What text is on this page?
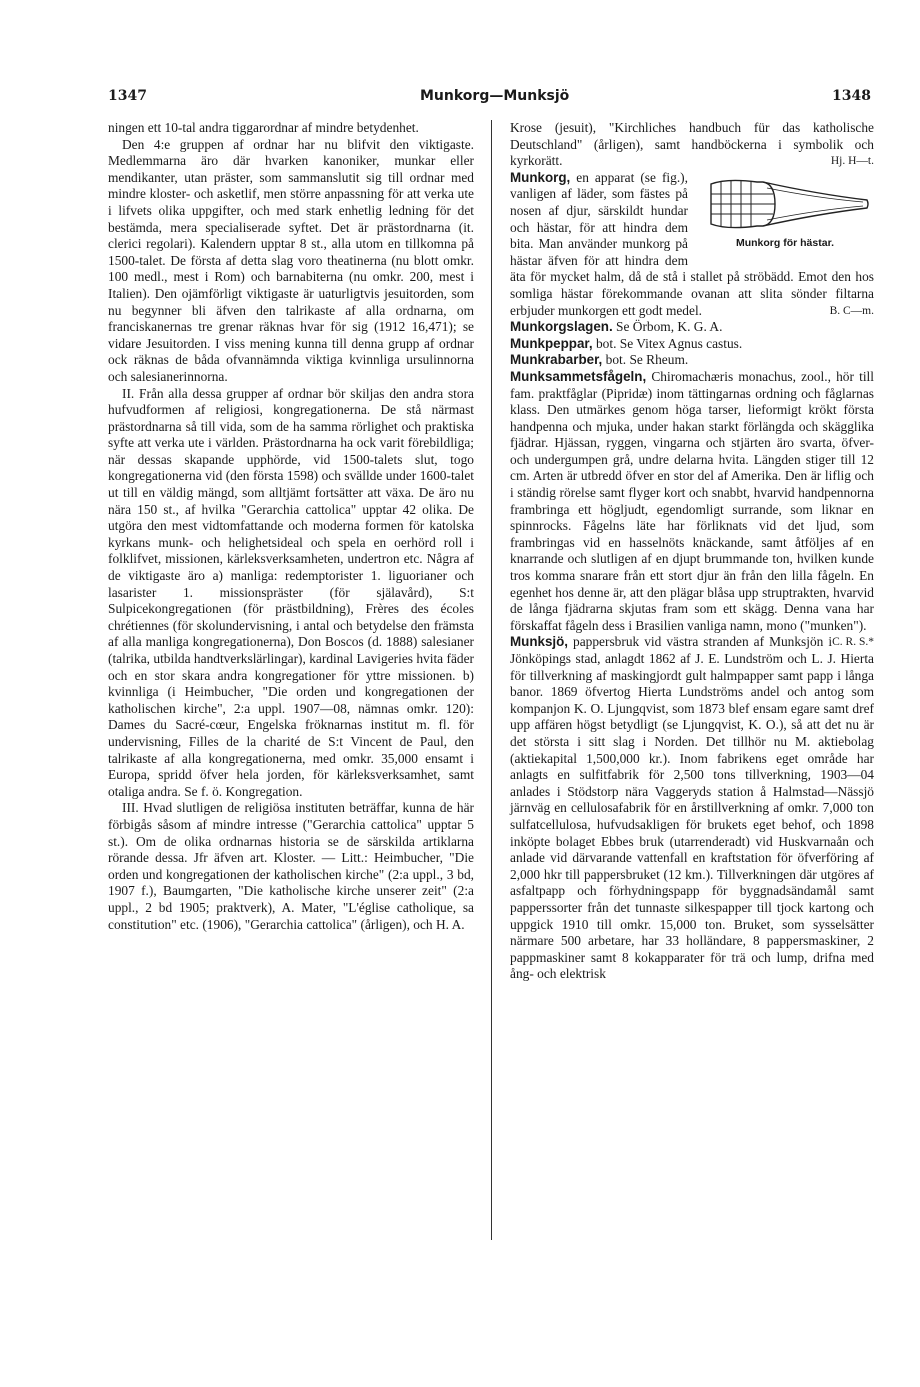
1347	Munkorg—Munksjö	1348

ningen ett 10-tal andra tiggarordnar af mindre betydenhet.

Den 4:e gruppen af ordnar har nu blifvit den viktigaste. Medlemmarna äro där hvarken kanoniker, munkar eller mendikanter, utan präster, som sammanslutit sig till ordnar med mindre kloster- och asketlif, men större anpassning för att verka ute i lifvets olika uppgifter, och med stark enhetlig ledning för det bestämda, mera specialiserade syftet. Det är prästordnarna (it. clerici regolari). Kalendern upptar 8 st., alla utom en tillkomna på 1500-talet. De första af detta slag voro theatinerna (nu blott omkr. 100 medl., mest i Rom) och barnabiterna (nu omkr. 200, mest i Italien). Den ojämförligt viktigaste är uaturligtvis jesuitorden, som nu begynner bli äfven den talrikaste af alla ordnarna, om franciskanernas tre grenar räknas hvar för sig (1912 16,471); se vidare Jesuitorden. I viss mening kunna till denna grupp af ordnar ock räknas de båda ofvannämnda viktiga kvinnliga ursulinnorna och salesianerinnorna.

II. Från alla dessa grupper af ordnar bör skiljas den andra stora hufvudformen af religiosi, kongregationerna. De stå närmast prästordnarna så till vida, som de ha samma rörlighet och praktiska syfte att verka ute i världen. Prästordnarna ha ock varit förebildliga; när dessas skapande upphörde, vid 1500-talets slut, togo kongregationerna vid (den första 1598) och svällde under 1600-talet ut till en väldig mängd, som alltjämt fortsätter att växa. De äro nu nära 150 st., af hvilka "Gerarchia cattolica" upptar 42 olika. De utgöra den mest vidtomfattande och moderna formen för katolska kyrkans munk- och helighetsideal och spela en oerhörd roll i folklifvet, missionen, kärleksverksamheten, undertron etc. Några af de viktigaste äro a) manliga: redemptorister 1. liguorianer och lasarister 1. missionspräster (för själavård), S:t Sulpicekongregationen (för prästbildning), Frères des écoles chrétiennes (för skolundervisning, i antal och betydelse den främsta af alla manliga kongregationerna), Don Boscos (d. 1888) salesianer (talrika, utbilda handtverkslärlingar), kardinal Lavigeries hvita fäder och en stor skara andra kongregationer för yttre missionen. b) kvinnliga (i Heimbucher, "Die orden und kongregationen der katholischen kirche", 2:a uppl. 1907—08, nämnas omkr. 120): Dames du Sacré-cœur, Engelska fröknarnas institut m. fl. för undervisning, Filles de la charité de S:t Vincent de Paul, den talrikaste af alla kongregationerna, med omkr. 35,000 ensamt i Europa, spridd öfver hela jorden, för kärleksverksamhet, samt otaliga andra. Se f. ö. Kongregation.

III. Hvad slutligen de religiösa instituten beträffar, kunna de här förbigås såsom af mindre intresse ("Gerarchia cattolica" upptar 5 st.). Om de olika ordnarnas historia se de särskilda artiklarna rörande dessa. Jfr äfven art. Kloster. — Litt.: Heimbucher, "Die orden und kongregationen der katholischen kirche" (2:a uppl., 3 bd, 1907 f.), Baumgarten, "Die katholische kirche unserer zeit" (2:a uppl., 2 bd 1905; praktverk), A. Mater, "L'église catholique, sa constitution" etc. (1906), "Gerarchia cattolica" (årligen), och H. A.

Krose (jesuit), "Kirchliches handbuch für das katholische Deutschland" (årligen), samt handböckerna i symbolik och kyrkorätt.	Hj. H—t.

Munkorg för hästar.
Munkorg, en apparat (se fig.), vanligen af läder, som fästes på nosen af djur, särskildt hundar och hästar, för att hindra dem bita. Man använder munkorg på hästar äfven för att hindra dem äta för mycket halm, då de stå i stallet på ströbädd. Emot den hos somliga hästar förekommande ovanan att slita sönder filtarna erbjuder munkorgen ett godt medel.	B. C—m.

Munkorgslagen. Se Örbom, K. G. A.

Munkpeppar, bot. Se Vitex Agnus castus.

Munkrabarber, bot. Se Rheum.

Munksammetsfågeln, Chiromachæris monachus, zool., hör till fam. praktfåglar (Pipridæ) inom tättingarnas ordning och fåglarnas klass. Den utmärkes genom höga tarser, lieformigt krökt första handpenna och mjuka, under hakan starkt förlängda och skägglika fjädrar. Hjässan, ryggen, vingarna och stjärten äro svarta, öfver- och undergumpen grå, undre delarna hvita. Längden stiger till 12 cm. Arten är utbredd öfver en stor del af Amerika. Den är liflig och i ständig rörelse samt flyger kort och snabbt, hvarvid handpennorna frambringa ett högljudt, egendomligt surrande, som liknar en spinnrocks. Fågelns läte har förliknats vid det ljud, som frambringas vid en hasselnöts knäckande, samt åtföljes af en knarrande och slutligen af en djupt brummande ton, hvilken kunde tros komma snarare från ett stort djur än från den lilla fågeln. En egenhet hos denne är, att den plägar blåsa upp struptrakten, hvarvid de långa fjädrarna skjutas fram som ett skägg. Denna vana har förskaffat fågeln dess i Brasilien vanliga namn, mono ("munken").
C. R. S.*

Munksjö, pappersbruk vid västra stranden af Munksjön i Jönköpings stad, anlagdt 1862 af J. E. Lundström och L. J. Hierta för tillverkning af maskingjordt gult halmpapper samt papp i långa banor. 1869 öfvertog Hierta Lundströms andel och antog som kompanjon K. O. Ljungqvist, som 1873 blef ensam egare samt dref upp affären högst betydligt (se Ljungqvist, K. O.), så att det nu är det största i sitt slag i Norden. Det tillhör nu M. aktiebolag (aktiekapital 1,500,000 kr.). Inom fabrikens eget område har anlagts en sulfitfabrik för 2,500 tons tillverkning, 1903—04 anlades i Stödstorp nära Vaggeryds station å Halmstad—Nässjö järnväg en cellulosafabrik för en årstillverkning af omkr. 7,000 ton sulfatcellulosa, hufvudsakligen för brukets eget behof, och 1898 inköpte bolaget Ebbes bruk (utarrenderadt) vid Huskvarnaån och anlade vid därvarande vattenfall en kraftstation för öfverföring af 2,000 hkr till pappersbruket (12 km.). Tillverkningen där utgöres af asfaltpapp och förhydningspapp för byggnadsändamål samt papperssorter från det tunnaste silkespapper till tjock kartong och uppgick 1910 till omkr. 15,000 ton. Bruket, som sysselsätter närmare 500 arbetare, har 33 holländare, 8 pappersmaskiner, 2 pappmaskiner samt 8 kokapparater för trä och lump, drifna med ång- och elektrisk
